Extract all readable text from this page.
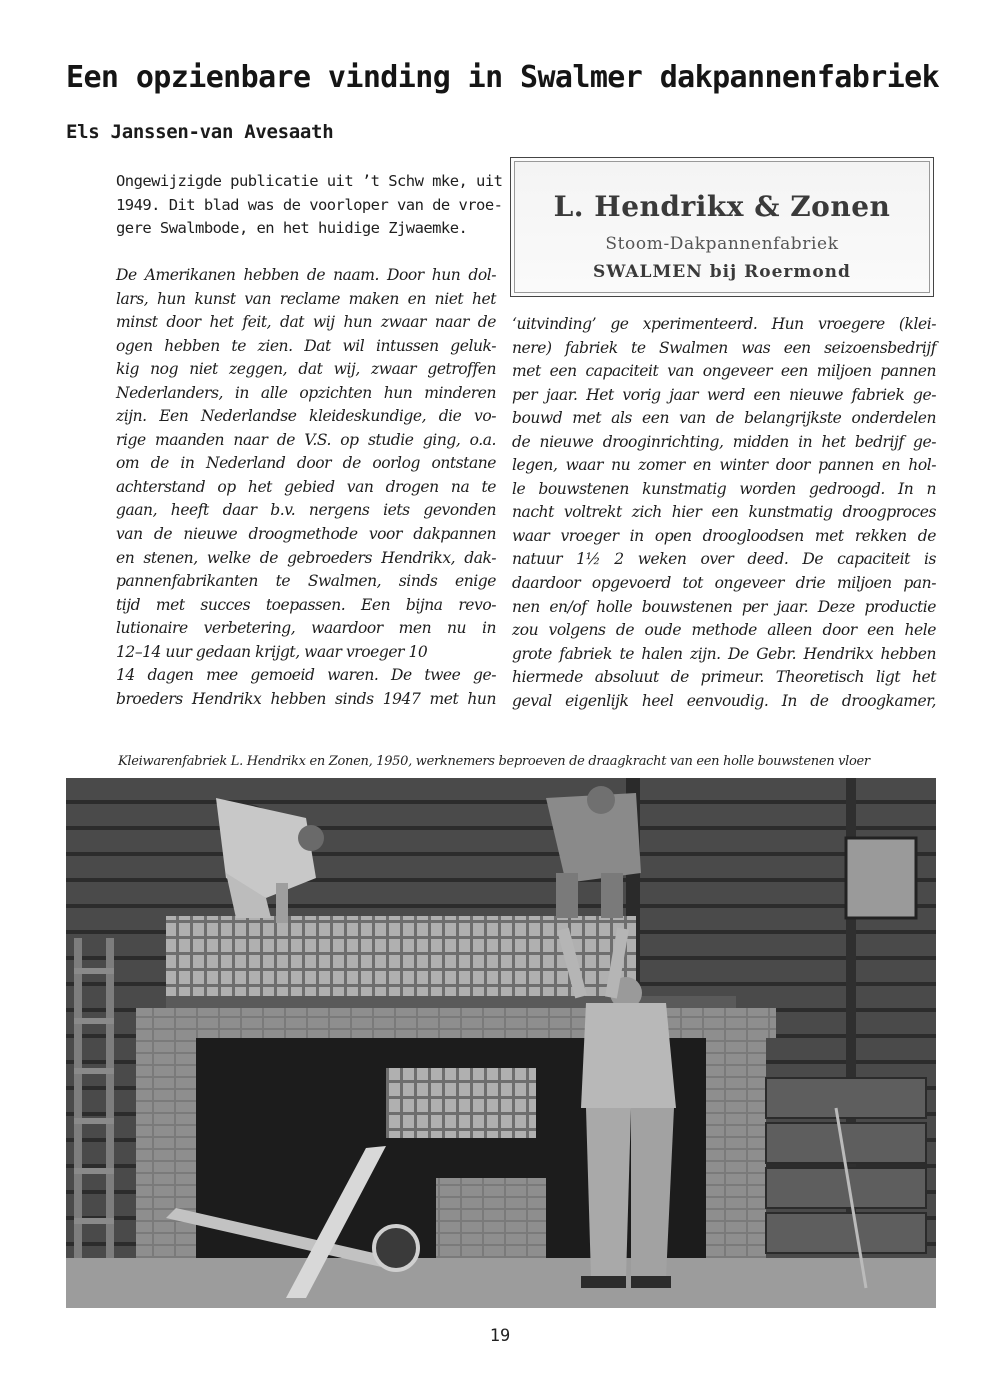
Een opzienbare vinding in Swalmer dakpannenfabriek
Els Janssen-van Avesaath
Ongewijzigde publicatie uit ’t Schw mke, uit
1949. Dit blad was de voorloper van de vroe-
gere Swalmbode, en het huidige Zjwaemke.
L. Hendrikx & Zonen
Stoom-Dakpannenfabriek
SWALMEN bij Roermond
De Amerikanen hebben de naam. Door hun dol-
lars, hun kunst van reclame maken en niet het
minst door het feit, dat wij hun zwaar naar de
ogen hebben te zien. Dat wil intussen geluk-
kig nog niet zeggen, dat wij, zwaar getroffen
Nederlanders, in alle opzichten hun minderen
zijn. Een Nederlandse kleideskundige, die vo-
rige maanden naar de V.S. op studie ging, o.a.
om de in Nederland door de oorlog ontstane
achterstand op het gebied van drogen na te
gaan, heeft daar b.v. nergens iets gevonden
van de nieuwe droogmethode voor dakpannen
en stenen, welke de gebroeders Hendrikx, dak-
pannenfabrikanten te Swalmen, sinds enige
tijd met succes toepassen. Een bijna revo-
lutionaire verbetering, waardoor men nu in
12–14 uur gedaan krijgt, waar vroeger 10
14 dagen mee gemoeid waren. De twee ge-
broeders Hendrikx hebben sinds 1947 met hun
‘uitvinding’ ge xperimenteerd. Hun vroegere (klei-
nere) fabriek te Swalmen was een seizoensbedrijf
met een capaciteit van ongeveer een miljoen pannen
per jaar. Het vorig jaar werd een nieuwe fabriek ge-
bouwd met als een van de belangrijkste onderdelen
de nieuwe drooginrichting, midden in het bedrijf ge-
legen, waar nu zomer en winter door pannen en hol-
le bouwstenen kunstmatig worden gedroogd. In n
nacht voltrekt zich hier een kunstmatig droogproces
waar vroeger in open droogloodsen met rekken de
natuur 1½ 2 weken over deed. De capaciteit is
daardoor opgevoerd tot ongeveer drie miljoen pan-
nen en/of holle bouwstenen per jaar. Deze productie
zou volgens de oude methode alleen door een hele
grote fabriek te halen zijn. De Gebr. Hendrikx hebben
hiermede absoluut de primeur. Theoretisch ligt het
geval eigenlijk heel eenvoudig. In de droogkamer,
Kleiwarenfabriek L. Hendrikx en Zonen, 1950, werknemers beproeven de draagkracht van een holle bouwstenen vloer
19
